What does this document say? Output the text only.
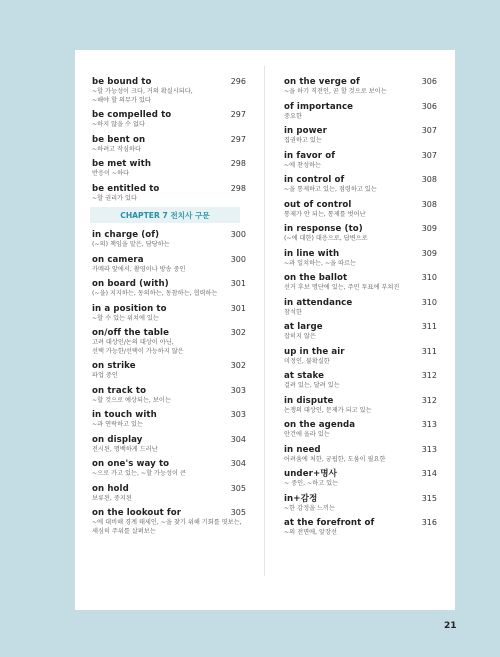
be bound to	296
~할 가능성이 크다, 거의 확실시되다,
~해야 할 의무가 있다
be compelled to	297
~하지 않을 수 없다
be bent on	297
~하려고 작심하다
be met with	298
반응이 ~하다
be entitled to	298
~할 권리가 있다
CHAPTER 7 전치사 구문
in charge (of)	300
(~의) 책임을 맡은, 담당하는
on camera	300
카메라 앞에서, 촬영이나 방송 중인
on board (with)	301
(~을) 지지하는, 동의하는, 동참하는, 협력하는
in a position to	301
~할 수 있는 위치에 있는
on/off the table	302
고려 대상인/논의 대상이 아닌,
선택 가능한/선택이 가능하지 않은
on strike	302
파업 중인
on track to	303
~할 것으로 예상되는, 보이는
in touch with	303
~과 연락하고 있는
on display	304
전시된, 명백하게 드러난
on one's way to	304
~으로 가고 있는, ~할 가능성이 큰
on hold	305
보류된, 중지된
on the lookout for	305
~에 대비해 경계 태세인, ~을 찾기 위해 기회를 엿보는,
세심히 주위를 살펴보는
on the verge of	306
~을 하기 직전인, 곧 할 것으로 보이는
of importance	306
중요한
in power	307
집권하고 있는
in favor of	307
~에 찬성하는
in control of	308
~을 통제하고 있는, 점령하고 있는
out of control	308
통제가 안 되는, 통제를 벗어난
in response (to)	309
(~에 대한) 대응으로, 답변으로
in line with	309
~과 일치하는, ~을 따르는
on the ballot	310
선거 후보 명단에 있는, 주민 투표에 부쳐진
in attendance	310
참석한
at large	311
잡히지 않은
up in the air	311
미정인, 불확실한
at stake	312
걸려 있는, 달려 있는
in dispute	312
논쟁의 대상인, 문제가 되고 있는
on the agenda	313
안건에 올라 있는
in need	313
어려움에 처한, 궁핍한, 도움이 필요한
under+명사	314
~ 중인, ~하고 있는
in+감정	315
~한 감정을 느끼는
at the forefront of	316
~의 전면에, 앞장선
21
